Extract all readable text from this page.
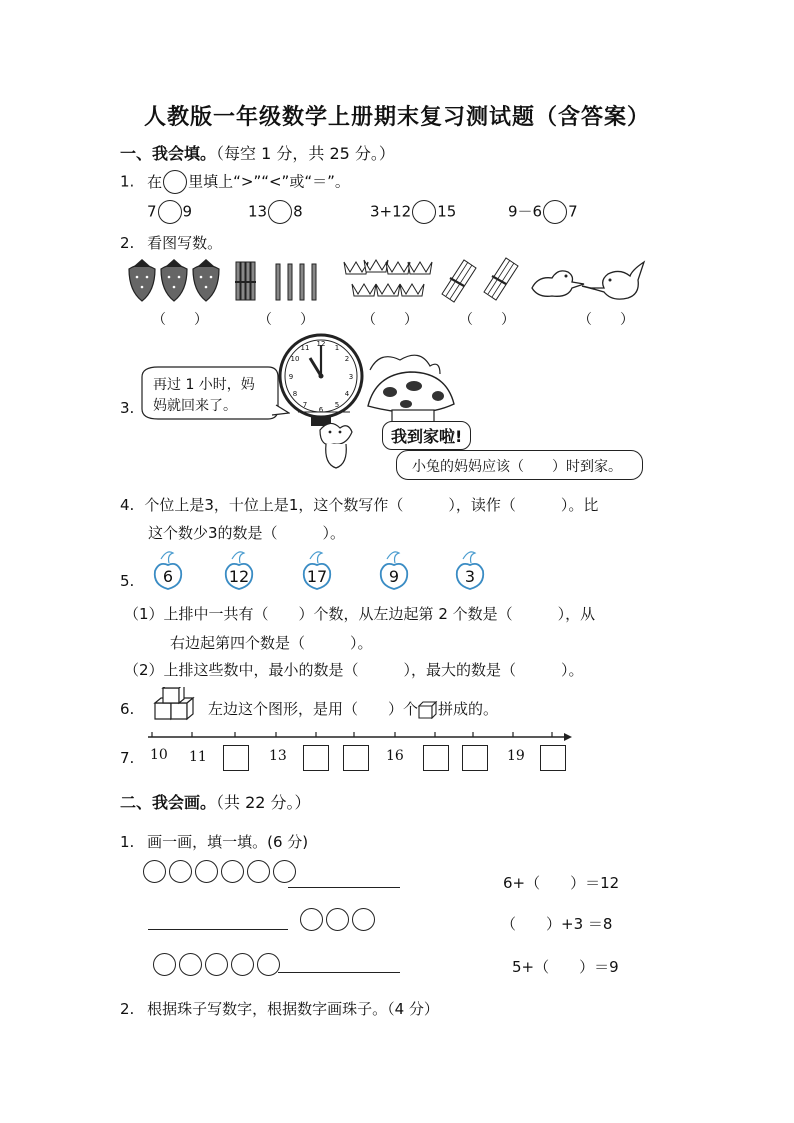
人教版一年级数学上册期末复习测试题（含答案）
一、我会填。（每空 1 分，共 25 分。）
1. 在 里填上“>”“<”或“＝”。
7 9	13 8	3+12 15	9－6 7
2. 看图写数。
（　　）	（　　）	（　　）	（　　）	（　　）
3.
12 1
2
3
4
5
6
7
8
9
10
11
再过 1 小时，妈
妈就回来了。
我到家啦!
小兔的妈妈应该（　　）时到家。
4. 个位上是3，十位上是1，这个数写作（　　　），读作（　　　）。比
这个数少3的数是（　　　）。
5.	6	12	17	9	3
（1）上排中一共有（　　）个数，从左边起第 2 个数是（　　　），从
右边起第四个数是（　　　）。
（2）上排这些数中，最小的数是（　　　），最大的数是（　　　）。
6.	左边这个图形，是用（　　）个 拼成的。
7. 10 11	13	16	19
二、我会画。（共 22 分。）
1. 画一画，填一填。(6 分)
6+（　　）＝12
（　　）+3 ＝8
5+（　　）＝9
2. 根据珠子写数字，根据数字画珠子。（4 分）
